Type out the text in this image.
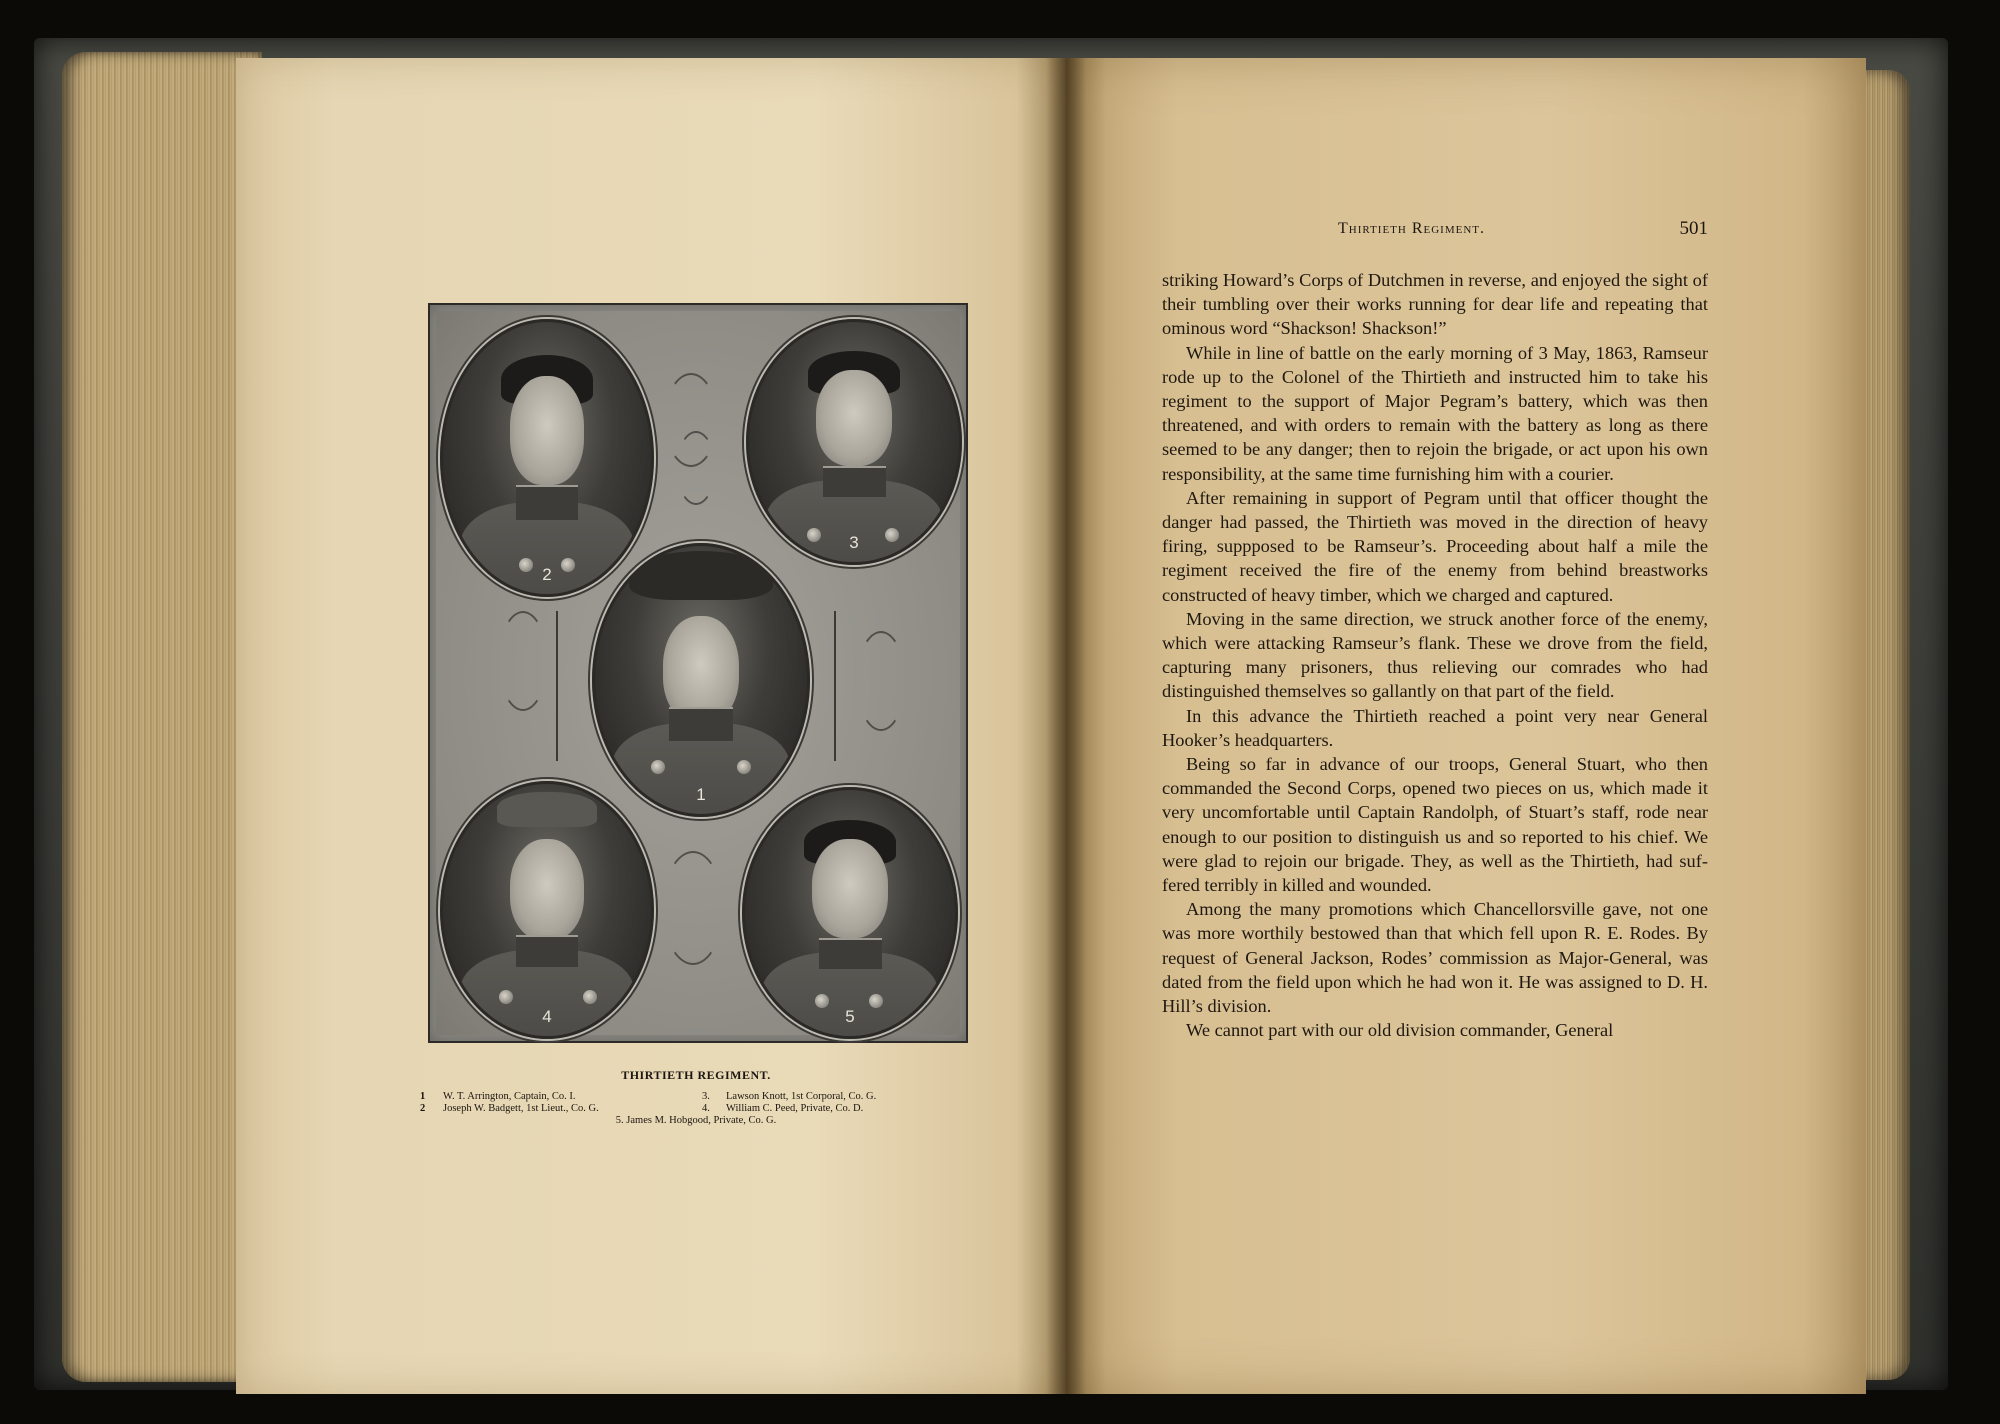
2
3
1
4	5
THIRTIETH REGIMENT.
1 W. T. Arrington, Captain, Co. I.	3. Lawson Knott, 1st Corporal, Co. G.
2 Joseph W. Badgett, 1st Lieut., Co. G.	4. William C. Peed, Private, Co. D.
5. James M. Hobgood, Private, Co. G.
Thirtieth Regiment.	501

striking Howard’s Corps of Dutchmen in reverse, and enjoyed the sight of their tumbling over their works running for dear life and repeating that ominous word “Shackson! Shackson!”

While in line of battle on the early morning of 3 May, 1863, Ramseur rode up to the Colonel of the Thirtieth and instructed him to take his regiment to the support of Major Pegram’s battery, which was then threatened, and with orders to remain with the battery as long as there seemed to be any danger; then to rejoin the brigade, or act upon his own responsibility, at the same time furnishing him with a courier.

After remaining in support of Pegram until that officer thought the danger had passed, the Thirtieth was moved in the direction of heavy firing, suppposed to be Ramseur’s. Proceeding about half a mile the regiment received the fire of the enemy from behind breastworks constructed of heavy timber, which we charged and captured.

Moving in the same direction, we struck another force of the enemy, which were attacking Ramseur’s flank. These we drove from the field, capturing many prisoners, thus relieving our comrades who had distinguished themselves so gallantly on that part of the field.

In this advance the Thirtieth reached a point very near General Hooker’s headquarters.

Being so far in advance of our troops, General Stuart, who then commanded the Second Corps, opened two pieces on us, which made it very uncomfortable until Captain Randolph, of Stuart’s staff, rode near enough to our position to distinguish us and so reported to his chief. We were glad to rejoin our brigade. They, as well as the Thirtieth, had suffered terribly in killed and wounded.

Among the many promotions which Chancellorsville gave, not one was more worthily bestowed than that which fell upon R. E. Rodes. By request of General Jackson, Rodes’ commission as Major-General, was dated from the field upon which he had won it. He was assigned to D. H. Hill’s division.

We cannot part with our old division commander, General
